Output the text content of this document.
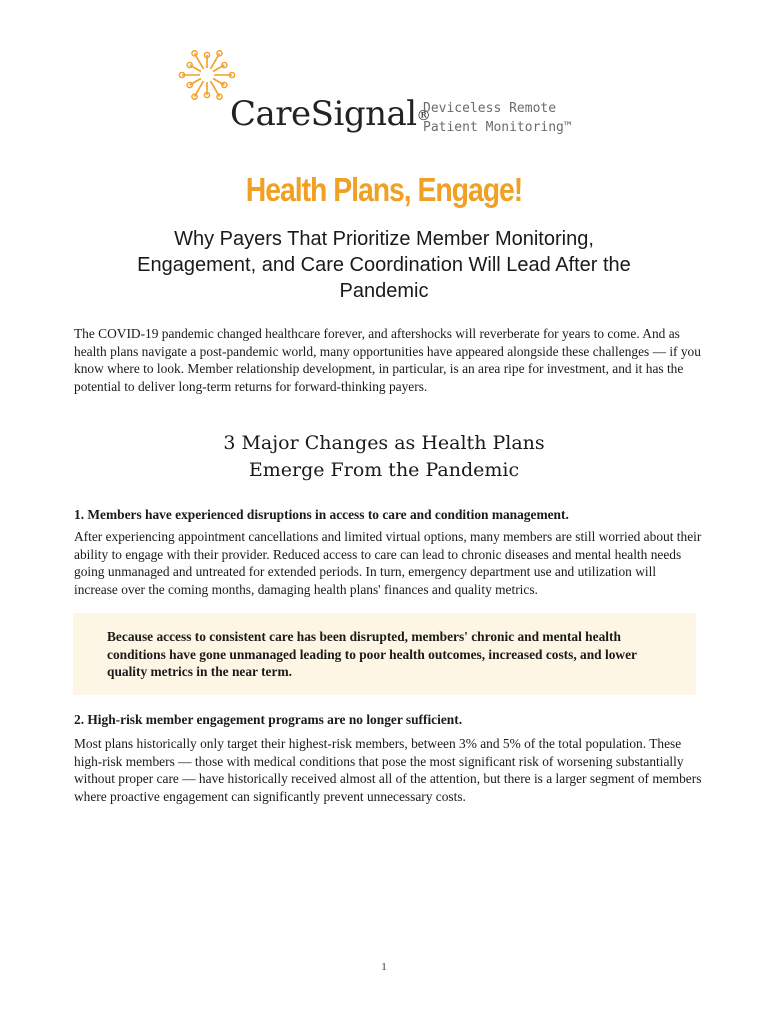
CareSignal®
Deviceless Remote
Patient Monitoring™
Health Plans, Engage!
Why Payers That Prioritize Member Monitoring, Engagement, and Care Coordination Will Lead After the Pandemic
The COVID-19 pandemic changed healthcare forever, and aftershocks will reverberate for years to come. And as health plans navigate a post-pandemic world, many opportunities have appeared alongside these challenges — if you know where to look. Member relationship development, in particular, is an area ripe for investment, and it has the potential to deliver long-term returns for forward-thinking payers.
3 Major Changes as Health Plans
Emerge From the Pandemic
1. Members have experienced disruptions in access to care and condition management.
After experiencing appointment cancellations and limited virtual options, many members are still worried about their ability to engage with their provider. Reduced access to care can lead to chronic diseases and mental health needs going unmanaged and untreated for extended periods. In turn, emergency department use and utilization will increase over the coming months, damaging health plans' finances and quality metrics.
Because access to consistent care has been disrupted, members' chronic and mental health conditions have gone unmanaged leading to poor health outcomes, increased costs, and lower quality metrics in the near term.
2. High-risk member engagement programs are no longer sufficient.
Most plans historically only target their highest-risk members, between 3% and 5% of the total population. These high-risk members — those with medical conditions that pose the most significant risk of worsening substantially without proper care — have historically received almost all of the attention, but there is a larger segment of members where proactive engagement can significantly prevent unnecessary costs.
1
